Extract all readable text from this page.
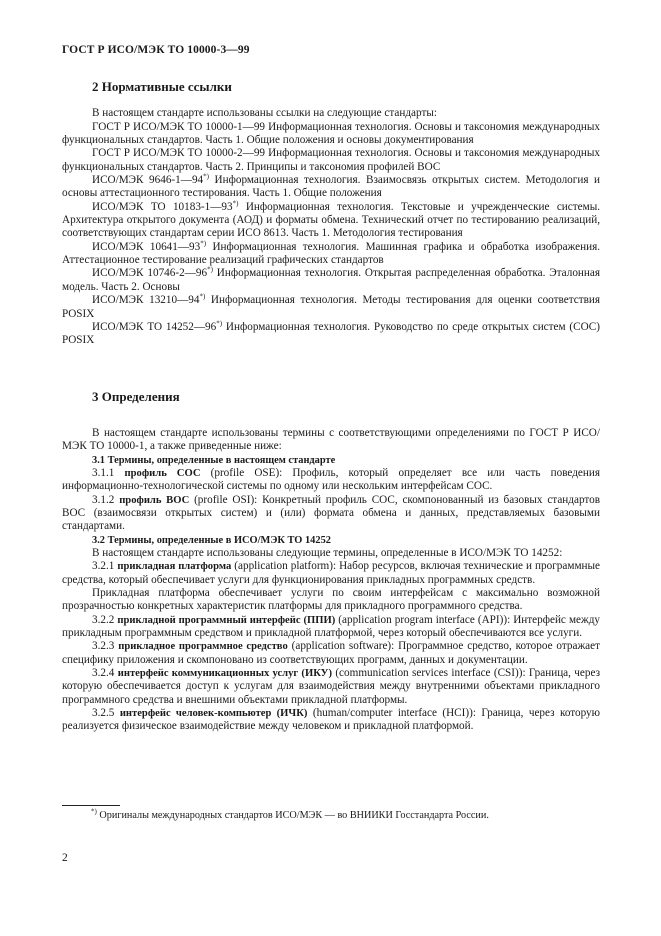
ГОСТ Р ИСО/МЭК ТО 10000-3—99
2 Нормативные ссылки

В настоящем стандарте использованы ссылки на следующие стандарты:

ГОСТ Р ИСО/МЭК ТО 10000-1—99 Информационная технология. Основы и таксономия международных функциональных стандартов. Часть 1. Общие положения и основы документирования

ГОСТ Р ИСО/МЭК ТО 10000-2—99 Информационная технология. Основы и таксономия международных функциональных стандартов. Часть 2. Принципы и таксономия профилей ВОС

ИСО/МЭК 9646-1—94*) Информационная технология. Взаимосвязь открытых систем. Методология и основы аттестационного тестирования. Часть 1. Общие положения

ИСО/МЭК ТО 10183-1—93*) Информационная технология. Текстовые и учрежденческие системы. Архитектура открытого документа (АОД) и форматы обмена. Технический отчет по тестированию реализаций, соответствующих стандартам серии ИСО 8613. Часть 1. Методология тестирования

ИСО/МЭК 10641—93*) Информационная технология. Машинная графика и обработка изображения. Аттестационное тестирование реализаций графических стандартов

ИСО/МЭК 10746-2—96*) Информационная технология. Открытая распределенная обработка. Эталонная модель. Часть 2. Основы

ИСО/МЭК 13210—94*) Информационная технология. Методы тестирования для оценки соответствия POSIX

ИСО/МЭК ТО 14252—96*) Информационная технология. Руководство по среде открытых систем (СОС) POSIX

3 Определения

В настоящем стандарте использованы термины с соответствующими определениями по ГОСТ Р ИСО/МЭК ТО 10000-1, а также приведенные ниже:

3.1 Термины, определенные в настоящем стандарте

3.1.1 профиль СОС (profile OSE): Профиль, который определяет все или часть поведения информационно-технологической системы по одному или нескольким интерфейсам СОС.

3.1.2 профиль ВОС (profile OSI): Конкретный профиль СОС, скомпонованный из базовых стандартов ВОС (взаимосвязи открытых систем) и (или) формата обмена и данных, представляемых базовыми стандартами.

3.2 Термины, определенные в ИСО/МЭК ТО 14252

В настоящем стандарте использованы следующие термины, определенные в ИСО/МЭК ТО 14252:

3.2.1 прикладная платформа (application platform): Набор ресурсов, включая технические и программные средства, который обеспечивает услуги для функционирования прикладных программных средств.

Прикладная платформа обеспечивает услуги по своим интерфейсам с максимально возможной прозрачностью конкретных характеристик платформы для прикладного программного средства.

3.2.2 прикладной программный интерфейс (ППИ) (application program interface (API)): Интерфейс между прикладным программным средством и прикладной платформой, через который обеспечиваются все услуги.

3.2.3 прикладное программное средство (application software): Программное средство, которое отражает специфику приложения и скомпоновано из соответствующих программ, данных и документации.

3.2.4 интерфейс коммуникационных услуг (ИКУ) (communication services interface (CSI)): Граница, через которую обеспечивается доступ к услугам для взаимодействия между внутренними объектами прикладного программного средства и внешними объектами прикладной платформы.

3.2.5 интерфейс человек-компьютер (ИЧК) (human/computer interface (HCI)): Граница, через которую реализуется физическое взаимодействие между человеком и прикладной платформой.

*) Оригиналы международных стандартов ИСО/МЭК — во ВНИИКИ Госстандарта России.
2
